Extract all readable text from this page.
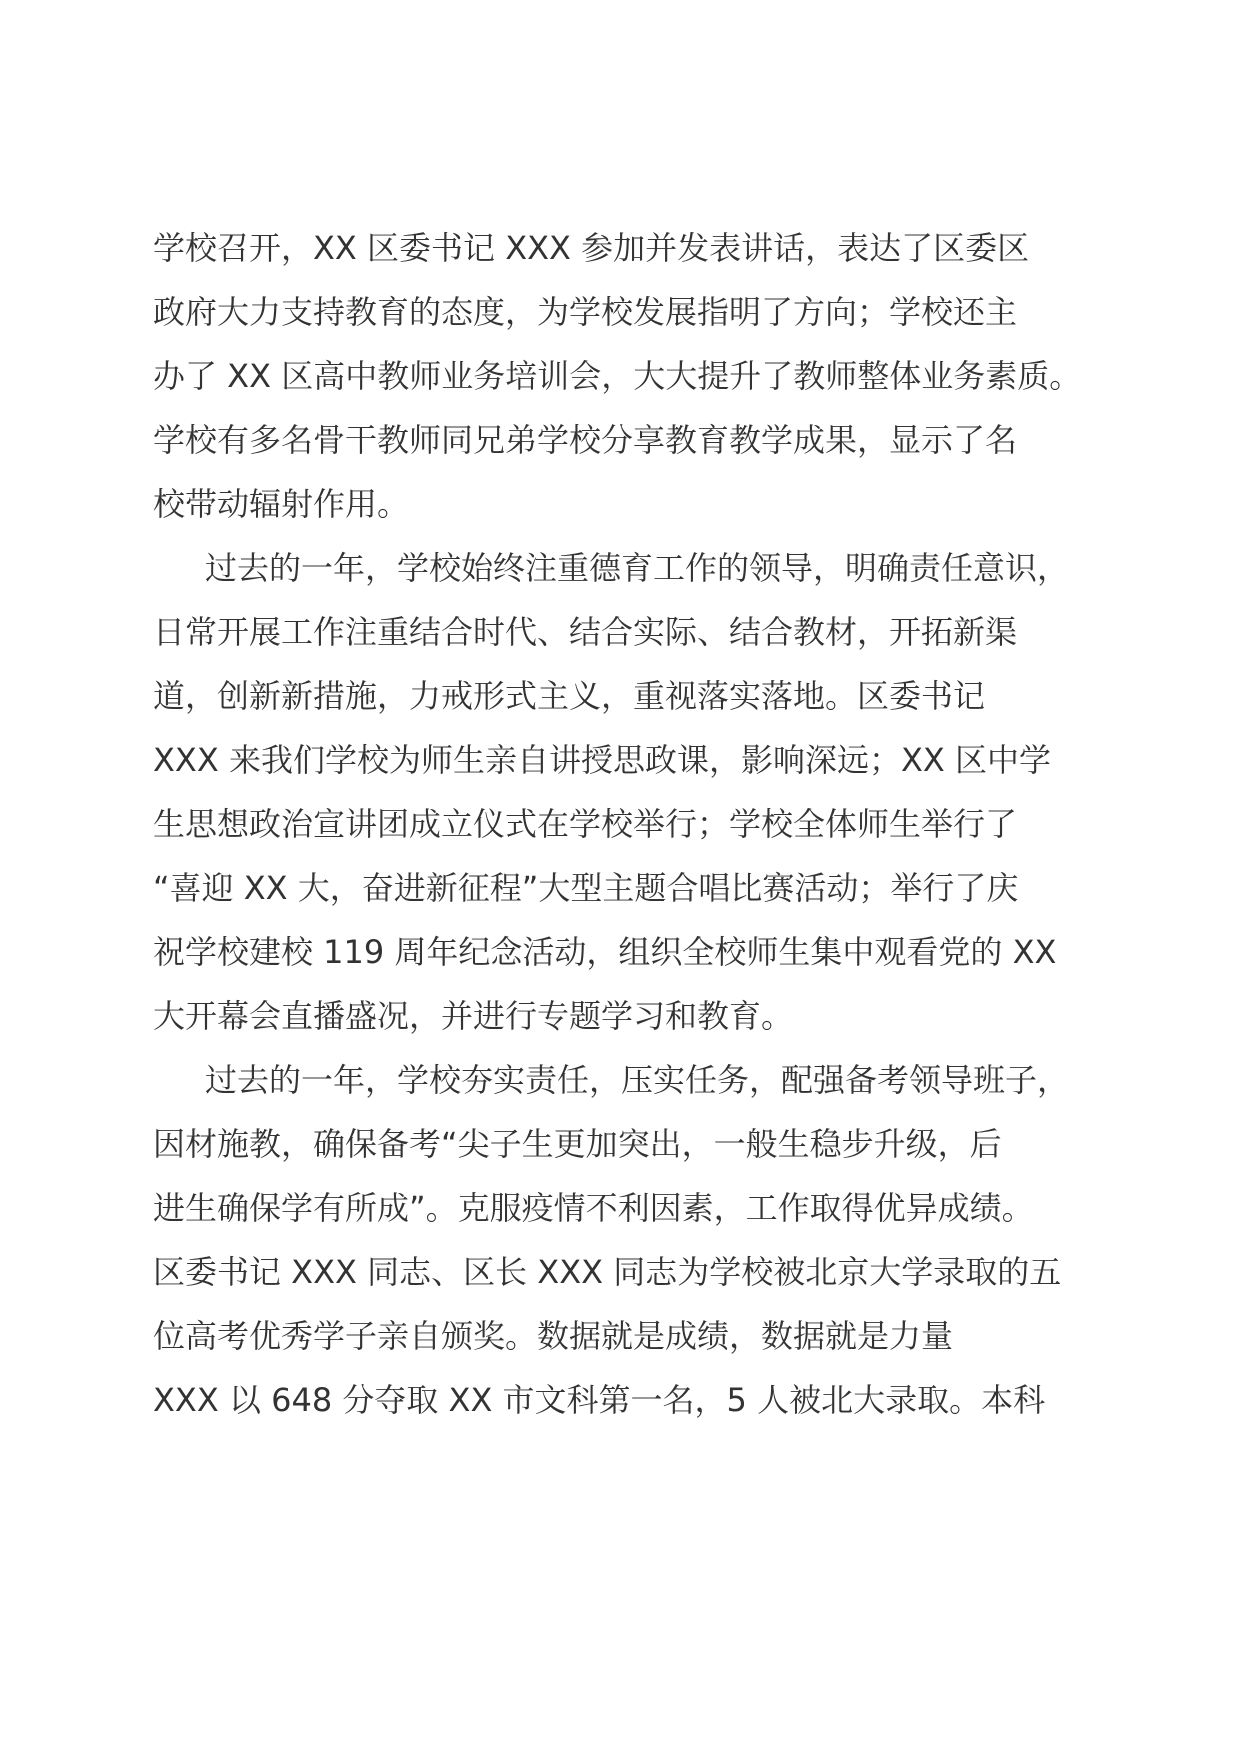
学校召开，XX 区委书记 XXX 参加并发表讲话，表达了区委区
政府大力支持教育的态度，为学校发展指明了方向；学校还主
办了 XX 区高中教师业务培训会，大大提升了教师整体业务素质。
学校有多名骨干教师同兄弟学校分享教育教学成果，显示了名
校带动辐射作用。
过去的一年，学校始终注重德育工作的领导，明确责任意识，
日常开展工作注重结合时代、结合实际、结合教材，开拓新渠
道，创新新措施，力戒形式主义，重视落实落地。区委书记
XXX 来我们学校为师生亲自讲授思政课，影响深远；XX 区中学
生思想政治宣讲团成立仪式在学校举行；学校全体师生举行了
“喜迎 XX 大，奋进新征程”大型主题合唱比赛活动；举行了庆
祝学校建校 119 周年纪念活动，组织全校师生集中观看党的 XX
大开幕会直播盛况，并进行专题学习和教育。
过去的一年，学校夯实责任，压实任务，配强备考领导班子，
因材施教，确保备考“尖子生更加突出，一般生稳步升级，后
进生确保学有所成”。克服疫情不利因素，工作取得优异成绩。
区委书记 XXX 同志、区长 XXX 同志为学校被北京大学录取的五
位高考优秀学子亲自颁奖。数据就是成绩，数据就是力量
XXX 以 648 分夺取 XX 市文科第一名，5 人被北大录取。本科
